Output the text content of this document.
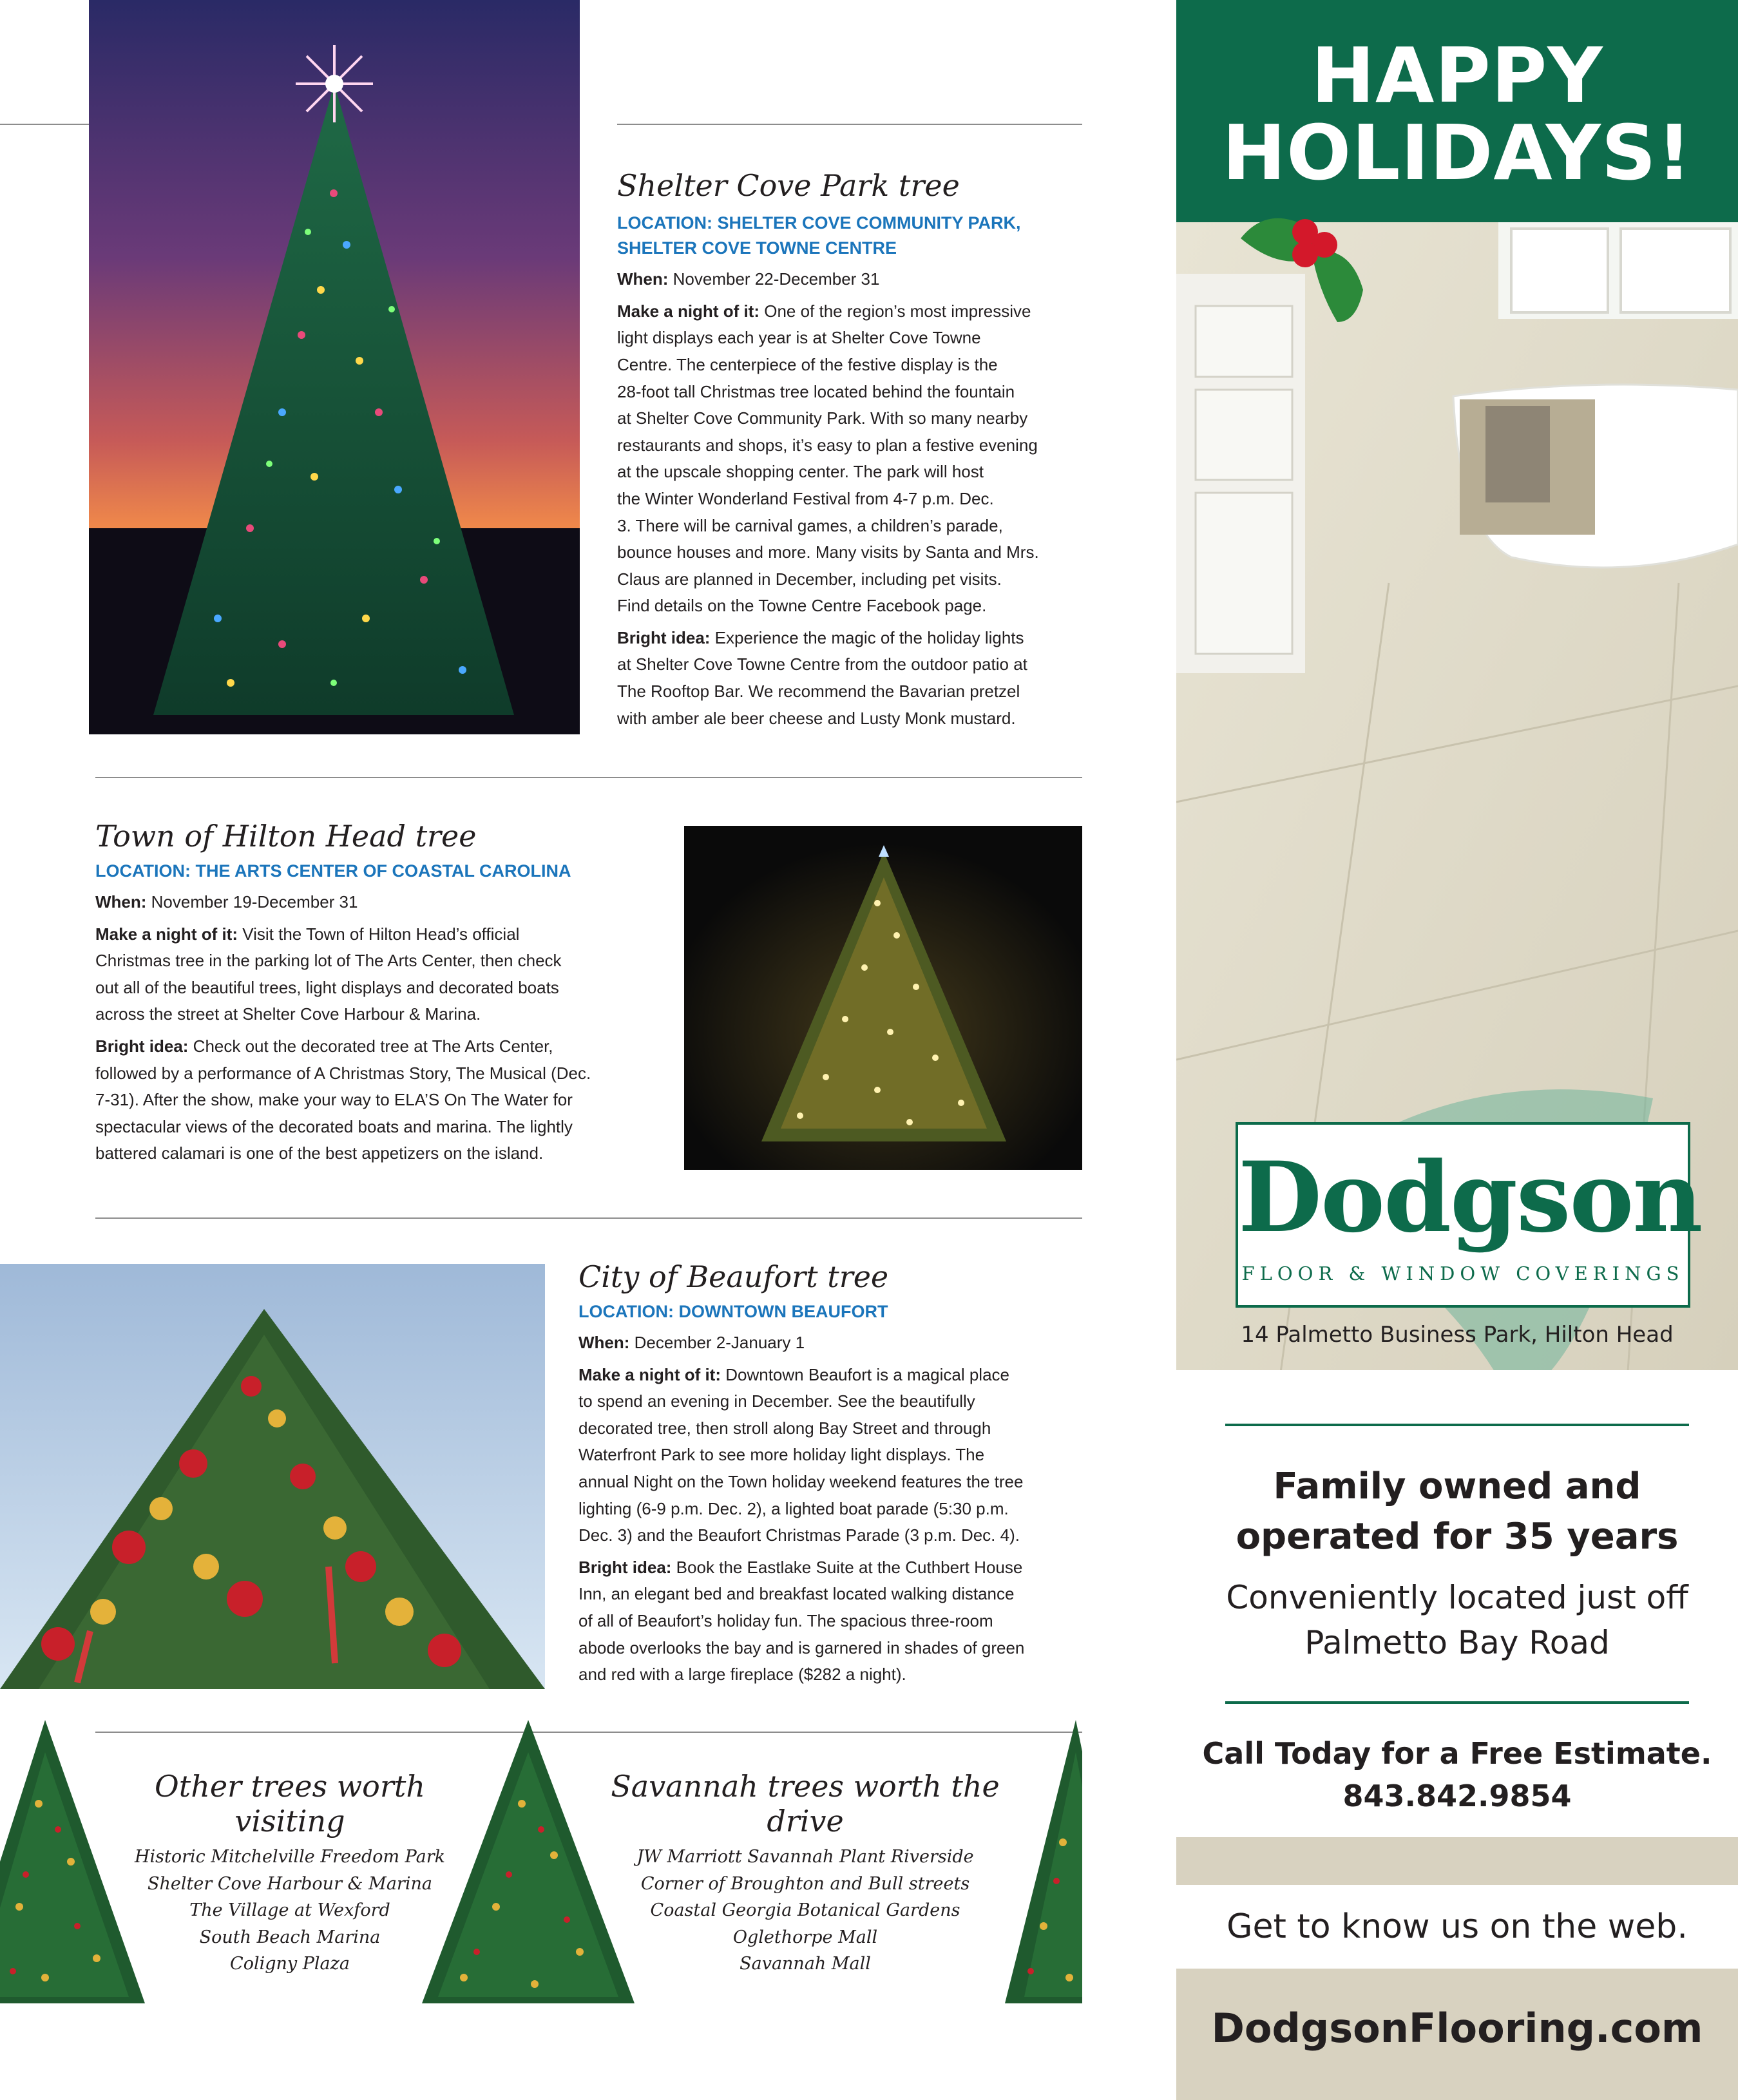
Shelter Cove Park tree
LOCATION: SHELTER COVE COMMUNITY PARK,
SHELTER COVE TOWNE CENTRE
When: November 22-December 31
Make a night of it: One of the region’s most impressive
light displays each year is at Shelter Cove Towne
Centre. The centerpiece of the festive display is the
28-foot tall Christmas tree located behind the fountain
at Shelter Cove Community Park. With so many nearby
restaurants and shops, it’s easy to plan a festive evening
at the upscale shopping center. The park will host
the Winter Wonderland Festival from 4-7 p.m. Dec.
3. There will be carnival games, a children’s parade,
bounce houses and more. Many visits by Santa and Mrs.
Claus are planned in December, including pet visits.
Find details on the Towne Centre Facebook page.
Bright idea: Experience the magic of the holiday lights
at Shelter Cove Towne Centre from the outdoor patio at
The Rooftop Bar. We recommend the Bavarian pretzel
with amber ale beer cheese and Lusty Monk mustard.
Town of Hilton Head tree
LOCATION: THE ARTS CENTER OF COASTAL CAROLINA
When: November 19-December 31
Make a night of it: Visit the Town of Hilton Head’s official
Christmas tree in the parking lot of The Arts Center, then check
out all of the beautiful trees, light displays and decorated boats
across the street at Shelter Cove Harbour & Marina.
Bright idea: Check out the decorated tree at The Arts Center,
followed by a performance of A Christmas Story, The Musical (Dec.
7-31). After the show, make your way to ELA’S On The Water for
spectacular views of the decorated boats and marina. The lightly
battered calamari is one of the best appetizers on the island.
City of Beaufort tree
LOCATION: DOWNTOWN BEAUFORT
When: December 2-January 1
Make a night of it: Downtown Beaufort is a magical place
to spend an evening in December. See the beautifully
decorated tree, then stroll along Bay Street and through
Waterfront Park to see more holiday light displays. The
annual Night on the Town holiday weekend features the tree
lighting (6-9 p.m. Dec. 2), a lighted boat parade (5:30 p.m.
Dec. 3) and the Beaufort Christmas Parade (3 p.m. Dec. 4).
Bright idea: Book the Eastlake Suite at the Cuthbert House
Inn, an elegant bed and breakfast located walking distance
of all of Beaufort’s holiday fun. The spacious three-room
abode overlooks the bay and is garnered in shades of green
and red with a large fireplace ($282 a night).
Other trees worth visiting
Historic Mitchelville Freedom Park
Shelter Cove Harbour & Marina
The Village at Wexford
South Beach Marina
Coligny Plaza
Savannah trees worth the drive
JW Marriott Savannah Plant Riverside
Corner of Broughton and Bull streets
Coastal Georgia Botanical Gardens
Oglethorpe Mall
Savannah Mall
HAPPY
HOLIDAYS!
Dodgson
FLOOR & WINDOW COVERINGS
14 Palmetto Business Park, Hilton Head
Family owned and
operated for 35 years
Conveniently located just off
Palmetto Bay Road
Call Today for a Free Estimate.
843.842.9854
Get to know us on the web.
DodgsonFlooring.com
